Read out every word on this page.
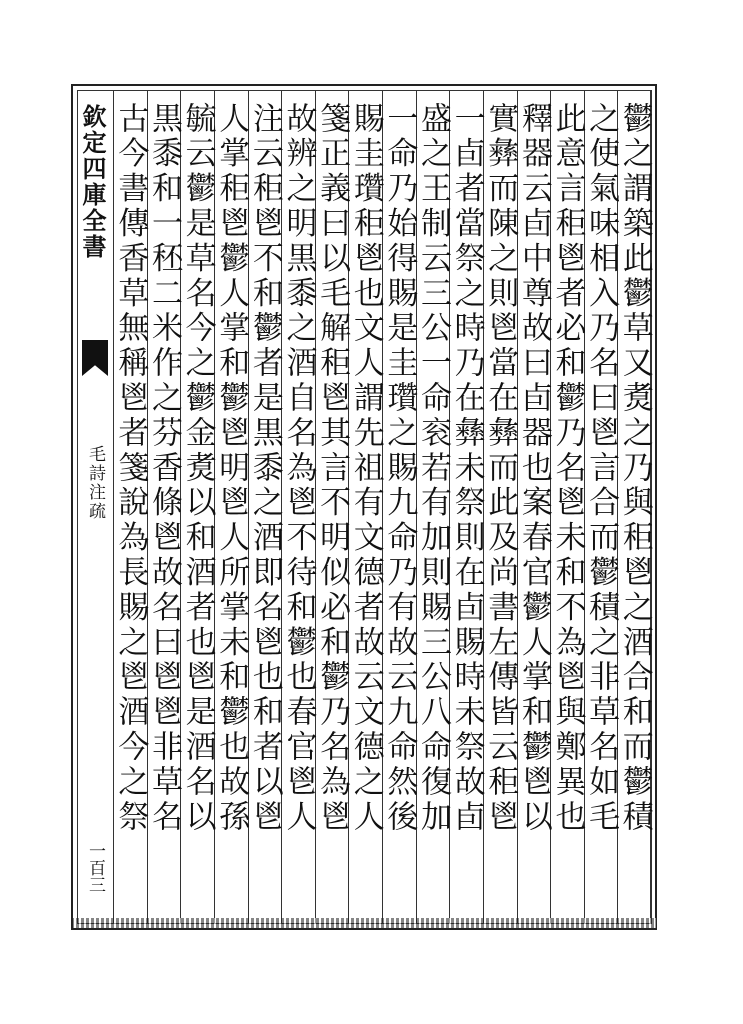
欽定四庫全書
毛詩注疏
一百三
鬱之謂築此鬱草又煑之乃與秬鬯之酒合和而鬱積
之使氣味相入乃名曰鬯言合而鬱積之非草名如毛
此意言秬鬯者必和鬱乃名鬯未和不為鬯與鄭異也
釋器云卣中尊故曰卣器也案春官鬱人掌和鬱鬯以
實彝而陳之則鬯當在彝而此及尚書左傳皆云秬鬯
一卣者當祭之時乃在彝未祭則在卣賜時未祭故卣
盛之王制云三公一命衮若有加則賜三公八命復加
一命乃始得賜是圭瓚之賜九命乃有故云九命然後
賜圭瓚秬鬯也文人謂先祖有文德者故云文德之人
箋正義曰以毛解秬鬯其言不明似必和鬱乃名為鬯
故辨之明黒黍之酒自名為鬯不待和鬱也春官鬯人
注云秬鬯不和鬱者是黒黍之酒即名鬯也和者以鬯
人掌秬鬯鬱人掌和鬱鬯明鬯人所掌未和鬱也故孫
毓云鬱是草名今之鬱金煑以和酒者也鬯是酒名以
黒黍和一秠二米作之芬香條鬯故名曰鬯鬯非草名
古今書傳香草無稱鬯者箋說為長賜之鬯酒今之祭
